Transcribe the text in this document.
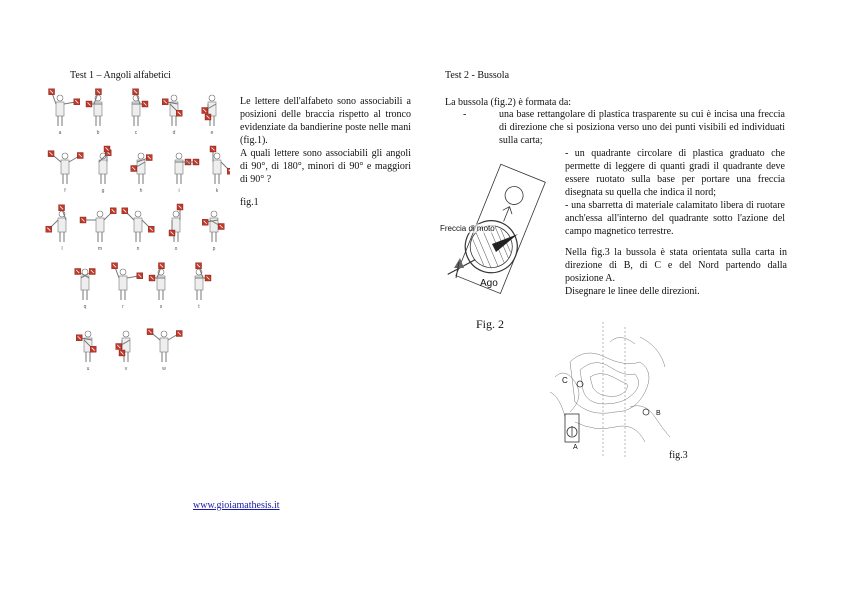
Test 1 – Angoli alfabetici
a	b	c	d	e
f	g	h	i	k
l	m	n	o	p
q	r	s	t
u	v	w
Le lettere dell'alfabeto sono associabili a posizioni delle braccia rispetto al tronco evidenziate da bandierine poste nelle mani (fig.1).
A quali lettere sono associabili gli angoli di 90°, di 180°, minori di 90° e maggiori di 90° ?
fig.1
www.gioiamathesis.it
Test 2 - Bussola
La bussola (fig.2) è formata da:
-	una base rettangolare di plastica trasparente su cui è incisa una freccia di direzione che si posiziona verso uno dei punti visibili ed individuati sulla carta;
- un quadrante circolare di plastica graduato che permette di leggere di quanti gradi il quadrante deve essere ruotato sulla base per portare una freccia disegnata su quella che indica il nord;
- una sbarretta di materiale calamitato libera di ruotare anch'essa all'interno del quadrante sotto l'azione del campo magnetico terrestre.
Nella fig.3 la bussola è stata orientata sulla carta in direzione di B, di C e del Nord partendo dalla posizione A.
Disegnare le linee delle direzioni.
Freccia di moto
Ago
Fig. 2
C
B
A
fig.3
